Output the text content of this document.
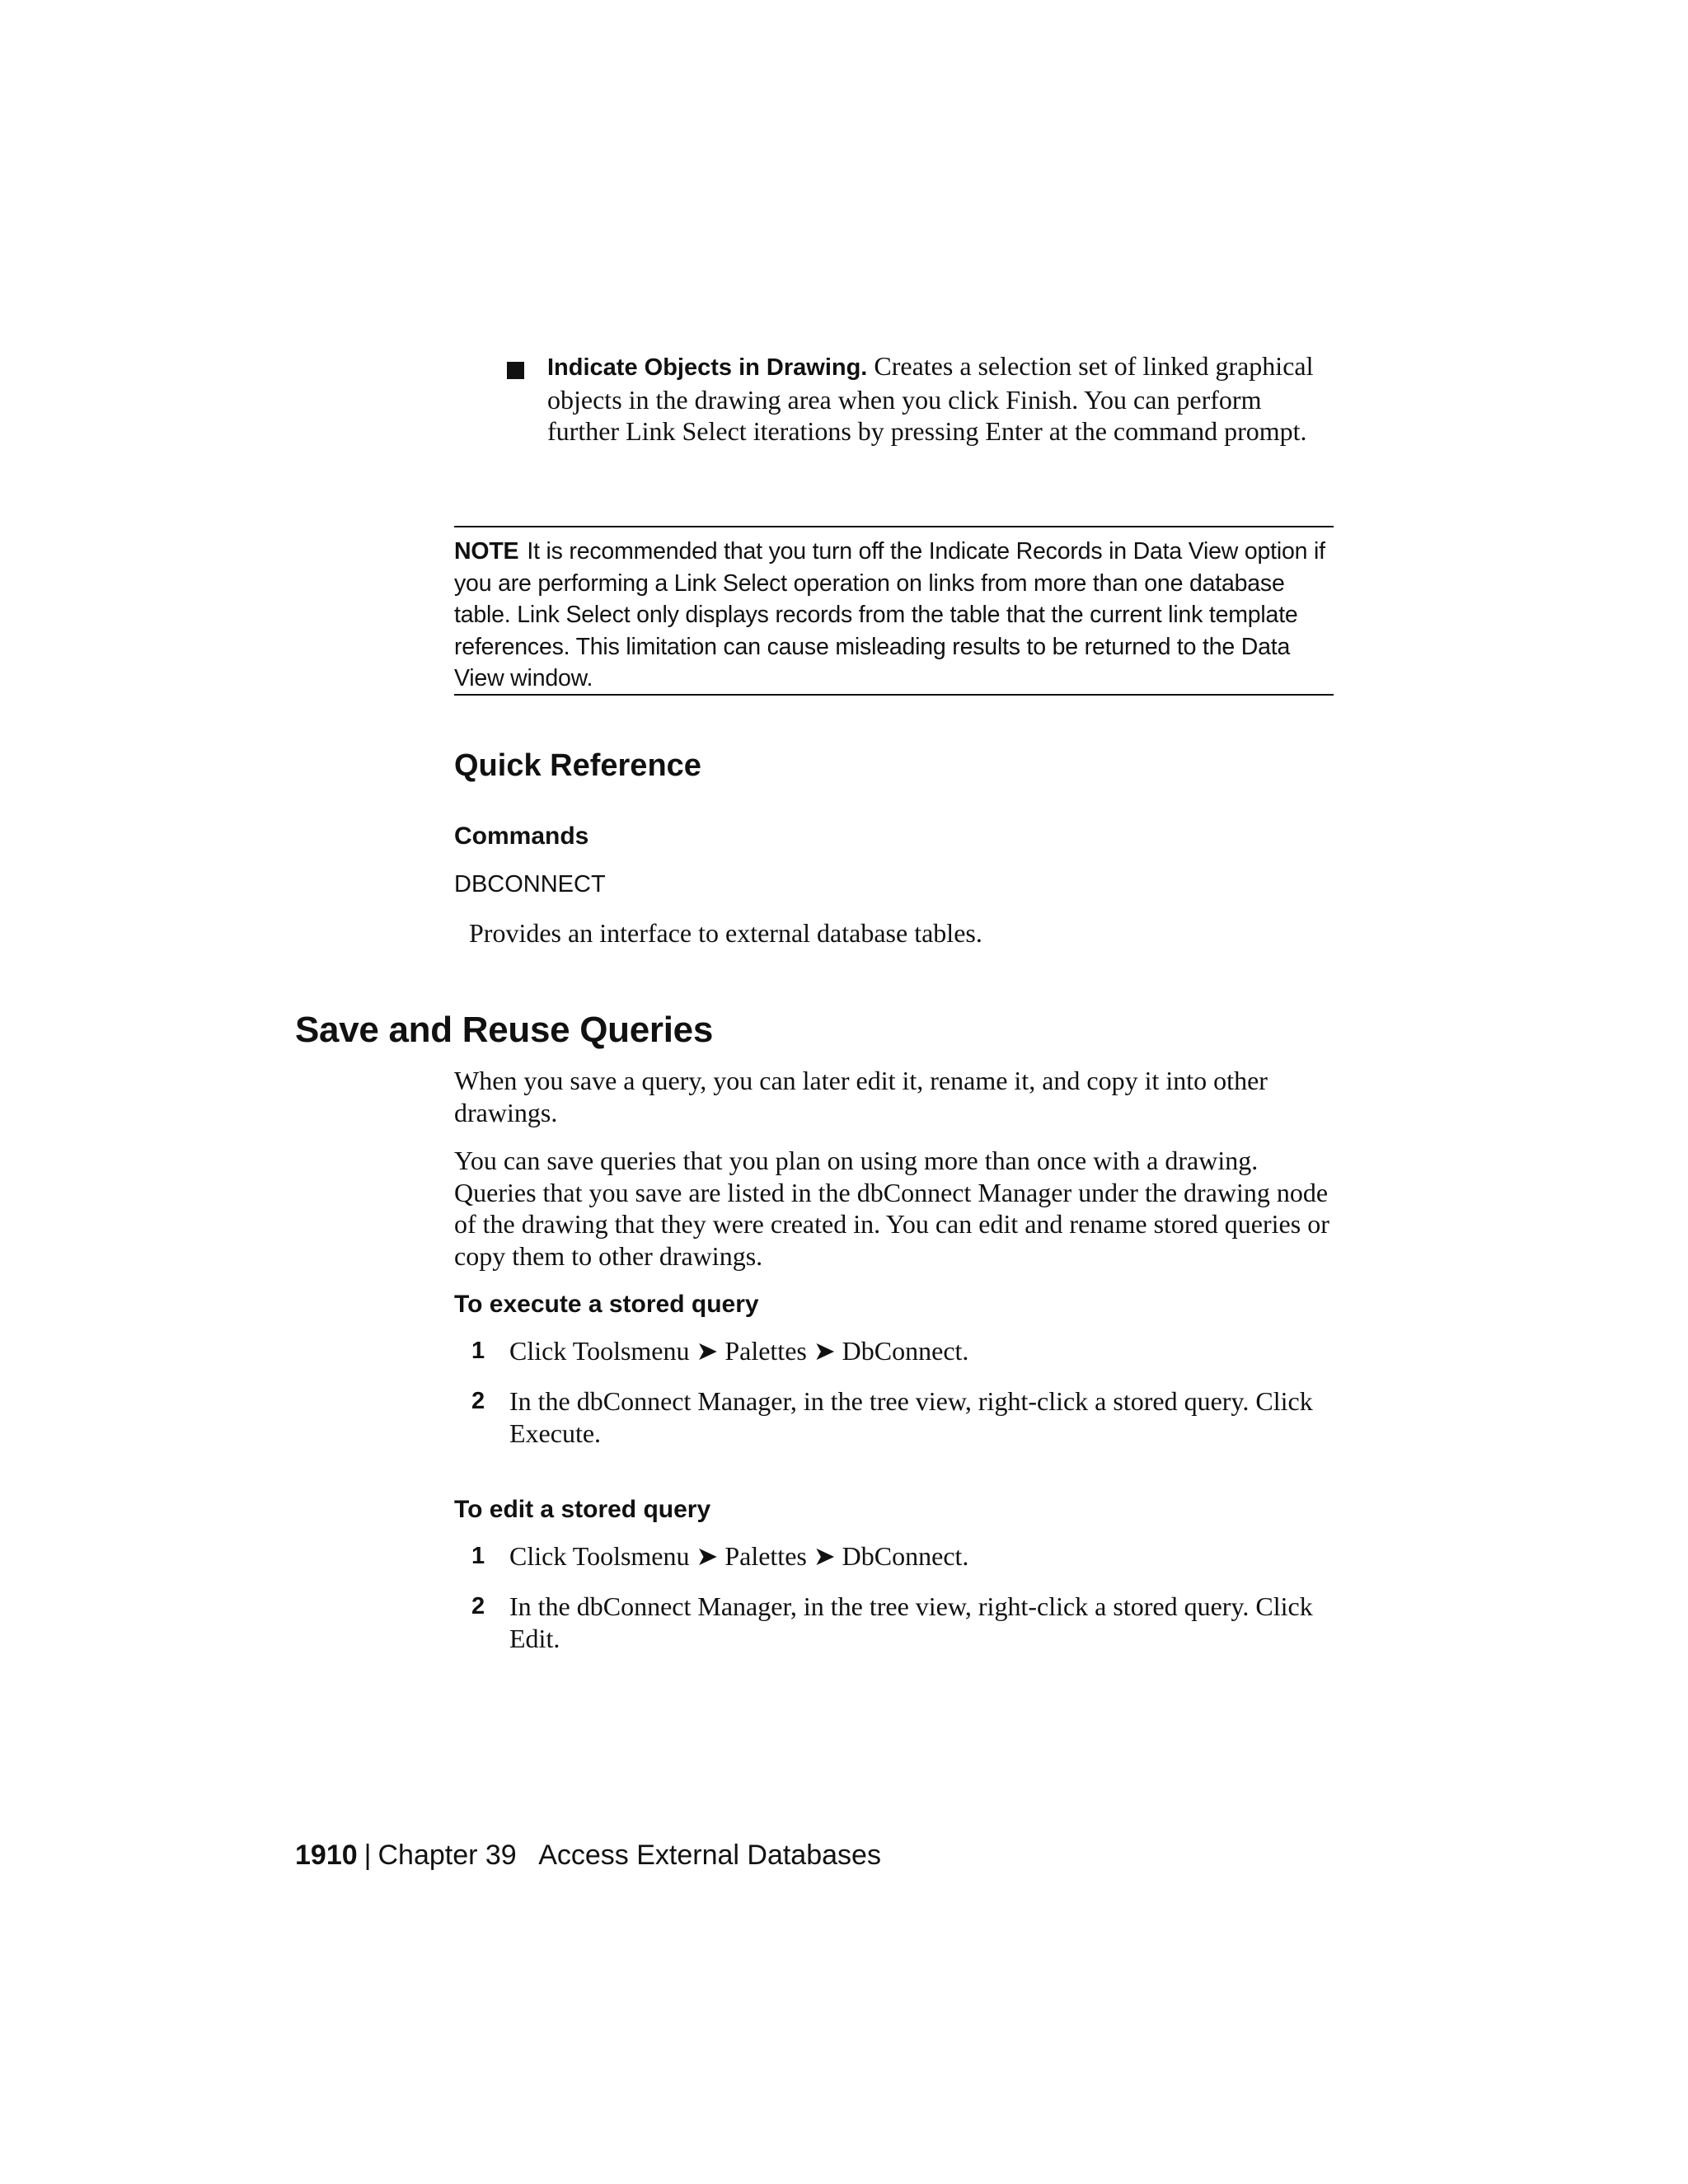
Indicate Objects in Drawing. Creates a selection set of linked graphical objects in the drawing area when you click Finish. You can perform further Link Select iterations by pressing Enter at the command prompt.
NOTE It is recommended that you turn off the Indicate Records in Data View option if you are performing a Link Select operation on links from more than one database table. Link Select only displays records from the table that the current link template references. This limitation can cause misleading results to be returned to the Data View window.
Quick Reference
Commands
DBCONNECT
Provides an interface to external database tables.
Save and Reuse Queries
When you save a query, you can later edit it, rename it, and copy it into other drawings.
You can save queries that you plan on using more than once with a drawing. Queries that you save are listed in the dbConnect Manager under the drawing node of the drawing that they were created in. You can edit and rename stored queries or copy them to other drawings.
To execute a stored query
1 Click Toolsmenu ➤ Palettes ➤ DbConnect.
2 In the dbConnect Manager, in the tree view, right-click a stored query. Click Execute.
To edit a stored query
1 Click Toolsmenu ➤ Palettes ➤ DbConnect.
2 In the dbConnect Manager, in the tree view, right-click a stored query. Click Edit.
1910 | Chapter 39 Access External Databases
